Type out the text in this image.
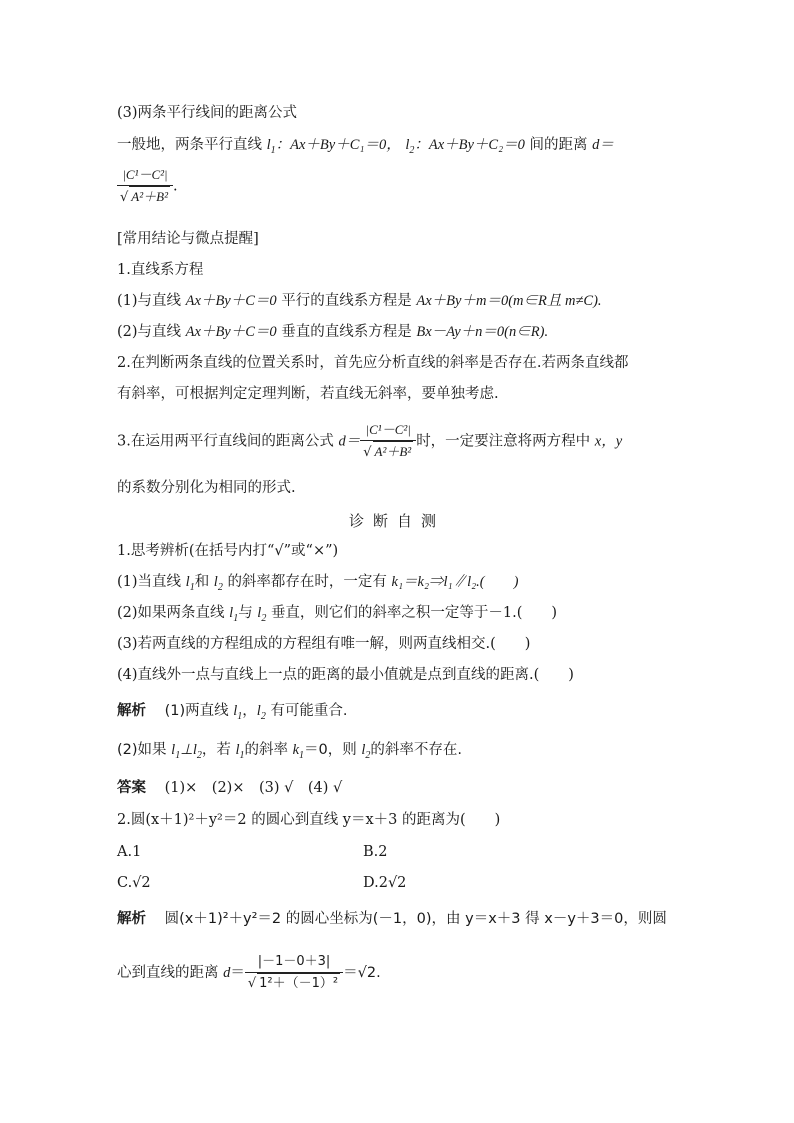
(3)两条平行线间的距离公式
一般地，两条平行直线 $l_1$：Ax＋By＋C₁＝0， $l_2$：Ax＋By＋C₂＝0 间的距离 d＝
$\frac{\text{|C¹－C²|}}{\text{√ A²＋B²}}$ .
[常用结论与微点提醒]
1.直线系方程
(1)与直线 Ax＋By＋C＝0 平行的直线系方程是 Ax＋By＋m＝0(m∈R且 m≠C).
(2)与直线 Ax＋By＋C＝0 垂直的直线系方程是 Bx－Ay＋n＝0(n∈R).
2.在判断两条直线的位置关系时，首先应分析直线的斜率是否存在.若两条直线都
有斜率，可根据判定定理判断，若直线无斜率，要单独考虑.
3.在运用两平行直线间的距离公式 $d= \frac{\text{|C¹－C²|}}{\text{√ A²＋B²}}$ 时，一定要注意将两方程中 x，y
的系数分别化为相同的形式.
诊断自测
1.思考辨析(在括号内打“√”或“×”)
(1)当直线 $l_1$和 $l_2$ 的斜率都存在时，一定有 k₁＝k₂⇒l₁∥l₂.(　　)
(2)如果两条直线 $l_1$与 $l_2$ 垂直，则它们的斜率之积一定等于－1.(　　)
(3)若两直线的方程组成的方程组有唯一解，则两直线相交.(　　)
(4)直线外一点与直线上一点的距离的最小值就是点到直线的距离.(　　)
解析 (1)两直线 $l_1$，$l_2$ 有可能重合.
(2)如果 $l_1\perp l_2$，若 $l_1$的斜率 $k_1=0$，则 $l_2$的斜率不存在.
答案 (1)×　(2)×　(3) √　(4) √
2.圆(x＋1)²＋y²＝2 的圆心到直线 y＝x＋3 的距离为(　　)
A.1	B.2
C.√2	D.2√2
解析 圆(x＋1)²＋y²＝2 的圆心坐标为(－1，0)，由 y＝x＋3 得 x－y＋3＝0，则圆
心到直线的距离 $d= \frac{|-1-0+3|}{\text{√ 1²＋（－1）²}} =√2$.
